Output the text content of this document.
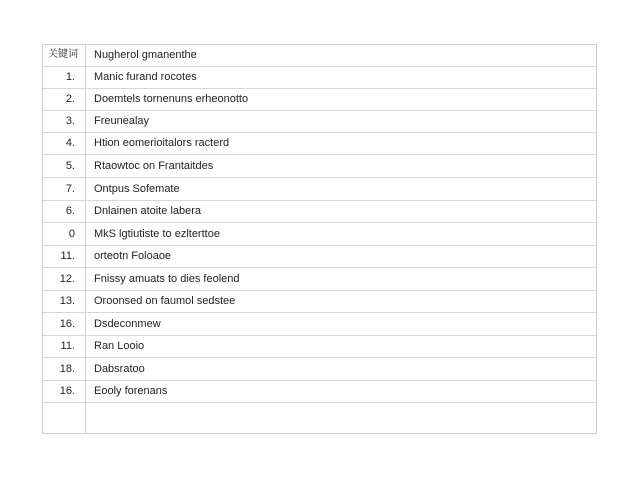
关键词 Nugherol gmanenthe
1. Manic furand rocotes
2. Doemtels tornenuns erheonotto
3. Freunealay
4. Htion eomerioitalors racterd
5. Rtaowtoc on Frantaitdes
7. Ontpus Sofemate
6. Dnlainen atoite labera
0 MkS lgtiutiste to ezlterttoe
11. orteotn Foloaoe
12. Fnissy amuats to dies feolend
13. Oroonsed on faumol sedstee
16. Dsdeconmew
11. Ran Looio
18. Dabsratoo
16. Eooly forenans
